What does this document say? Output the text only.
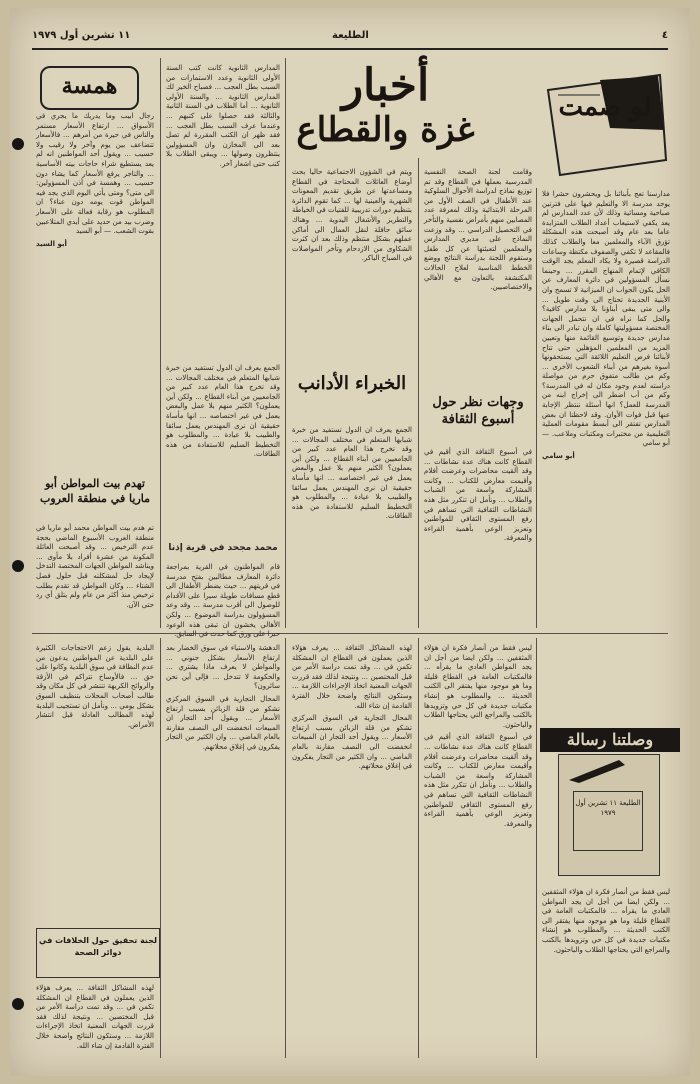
١١ تشرين أول ١٩٧٩	الطليعة	٤
أخبار
غزة والقطاع
لو صمت

مدارسنا تعج بأبنائنا بل ويحشرون حشرا فلا يوجد مدرسة الا والتعليم فيها على فترتين صباحية ومسائية وذلك لأن عدد المدارس لم يعد يكفي لاستيعاب أعداد الطلاب المتزايدة عاما بعد عام وقد أصبحت هذه المشكلة تؤرق الآباء والمعلمين معا والطلاب كذلك فالمقاعد لا تكفي والصفوف مكتظة وساعات الدراسة قصيرة ولا يكاد المعلم يجد الوقت الكافي لإتمام المنهاج المقرر ... وحينما نسأل المسؤولين في دائرة المعارف عن الحل يكون الجواب ان الميزانية لا تسمح وان الأبنية الجديدة تحتاج الى وقت طويل ... والى متى يبقى أبناؤنا بلا مدارس كافية؟ والحل كما نراه في ان تتحمل الجهات المختصة مسؤوليتها كاملة وان تبادر الى بناء مدارس جديدة وتوسيع القائمة منها وتعيين المزيد من المعلمين المؤهلين حتى تتاح لأبنائنا فرص التعليم اللائقة التي يستحقونها أسوة بغيرهم من أبناء الشعوب الأخرى ... وكم من طالب متفوق حرم من مواصلة دراسته لعدم وجود مكان له في المدرسة؟ وكم من أب اضطر الى إخراج ابنه من المدرسة للعمل؟ انها أسئلة ننتظر الإجابة عنها قبل فوات الأوان. وقد لاحظنا ان بعض المدارس تفتقر الى أبسط مقومات العملية التعليمية من مختبرات ومكتبات وملاعب. — أبو سامي

أبو سامي

وقامت لجنة الصحة النفسية المدرسية بعملها في القطاع وقد تم توزيع نماذج لدراسة الأحوال السلوكية عند الأطفال في الصف الأول من المرحلة الابتدائية وذلك لمعرفة عدد المصابين منهم بأمراض نفسية والتأخر في التحصيل الدراسي ... وقد وزعت النماذج على مديري المدارس والمعلمين لتعبئتها عن كل طفل وستقوم اللجنة بدراسة النتائج ووضع الخطط المناسبة لعلاج الحالات المكتشفة بالتعاون مع الأهالي والاختصاصيين.

وجهات نظر حول أسبوع الثقافة

في أسبوع الثقافة الذي أقيم في القطاع كانت هناك عدة نشاطات ... وقد ألقيت محاضرات وعرضت أفلام وأقيمت معارض للكتاب ... وكانت المشاركة واسعة من الشباب والطلاب ... ونأمل ان تتكرر مثل هذه النشاطات الثقافية التي تساهم في رفع المستوى الثقافي للمواطنين وتعزيز الوعي بأهمية القراءة والمعرفة.

ويتم في الشؤون الاجتماعية حاليا بحث أوضاع العائلات المحتاجة في القطاع ومساعدتها عن طريق تقديم المعونات الشهرية والعينية لها ... كما تقوم الدائرة بتنظيم دورات تدريبية للفتيات في الخياطة والتطريز والأشغال اليدوية ... وهناك سائق حافلة لنقل العمال الى أماكن عملهم بشكل منتظم وذلك بعد ان كثرت الشكاوى من الازدحام وتأخر المواصلات في الصباح الباكر.

الخبراء الأدانب

الجمع يعرف ان الدول تستفيد من خبرة شبابها المتعلم في مختلف المجالات ... وقد تخرج هذا العام عدد كبير من الجامعيين من أبناء القطاع ... ولكن أين يعملون؟ الكثير منهم بلا عمل والبعض يعمل في غير اختصاصه ... انها مأساة حقيقية ان نرى المهندس يعمل سائقا والطبيب بلا عيادة ... والمطلوب هو التخطيط السليم للاستفادة من هذه الطاقات.

المدارس الثانوية كانت كتب السنة الأولى الثانوية وعدد الاستمارات من السبب بطل العجب ... فصباح الخير لك المدارس الثانوية ... والسنة الأولى الثانوية ... أما الطلاب في السنة الثانية والثالثة فقد حصلوا على كتبهم ... وعندما عرف السبب بطل العجب ... فقد ظهر ان الكتب المقررة لم تصل بعد الى المخازن وان المسؤولين ينتظرون وصولها ... ويبقى الطلاب بلا كتب حتى اشعار آخر.

الجمع يعرف ان الدول تستفيد من خبرة شبابها المتعلم في مختلف المجالات ... وقد تخرج هذا العام عدد كبير من الجامعيين من أبناء القطاع ... ولكن أين يعملون؟ الكثير منهم بلا عمل والبعض يعمل في غير اختصاصه ... انها مأساة حقيقية ان نرى المهندس يعمل سائقا والطبيب بلا عيادة ... والمطلوب هو التخطيط السليم للاستفادة من هذه الطاقات.

محمد مجحد في قرية إذنا

قام المواطنون في القرية بمراجعة دائرة المعارف مطالبين بفتح مدرسة في قريتهم ... حيث يضطر الأطفال الى قطع مسافات طويلة سيرا على الأقدام للوصول الى أقرب مدرسة ... وقد وعد المسؤولون بدراسة الموضوع ... ولكن الأهالي يخشون ان تبقى هذه الوعود حبرا على ورق كما حدث في السابق.

همسة

رجال ابيب وما يدريك ما يجري في الأسواق ... ارتفاع الأسعار مستمر والناس في حيرة من أمرهم ... فالأسعار تتضاعف بين يوم وآخر ولا رقيب ولا حسيب ... ويقول أحد المواطنين انه لم يعد يستطيع شراء حاجات بيته الأساسية ... والتاجر يرفع الأسعار كما يشاء دون حسيب ... وهمسة في أذن المسؤولين: الى متى؟ ومتى يأتي اليوم الذي يجد فيه المواطن قوت يومه دون عناء؟ ان المطلوب هو رقابة فعالة على الأسعار وضرب بيد من حديد على أيدي المتلاعبين بقوت الشعب. — أبو السيد

أبو السيد

تهدم بيت المواطن أبو ماريا في منطقة العروب

تم هدم بيت المواطن محمد أبو ماريا في منطقة العروب الأسبوع الماضي بحجة عدم الترخيص ... وقد أصبحت العائلة المكونة من عشرة أفراد بلا مأوى ... ويناشد المواطن الجهات المختصة التدخل لإيجاد حل لمشكلته قبل حلول فصل الشتاء ... وكان المواطن قد تقدم بطلب ترخيص منذ أكثر من عام ولم يتلق أي رد حتى الآن.

وصلتنا رسالة
الطليعة ١١ تشرين أول ١٩٧٩

ليس فقط من أنصار فكرة ان هؤلاء المثقفين ... ولكن ايضا من أجل ان يجد المواطن العادي ما يقرأه ... فالمكتبات العامة في القطاع قليلة وما هو موجود منها يفتقر الى الكتب الحديثة ... والمطلوب هو إنشاء مكتبات جديدة في كل حي وتزويدها بالكتب والمراجع التي يحتاجها الطلاب والباحثون.

ليس فقط من أنصار فكرة ان هؤلاء المثقفين ... ولكن ايضا من أجل ان يجد المواطن العادي ما يقرأه ... فالمكتبات العامة في القطاع قليلة وما هو موجود منها يفتقر الى الكتب الحديثة ... والمطلوب هو إنشاء مكتبات جديدة في كل حي وتزويدها بالكتب والمراجع التي يحتاجها الطلاب والباحثون.

في أسبوع الثقافة الذي أقيم في القطاع كانت هناك عدة نشاطات ... وقد ألقيت محاضرات وعرضت أفلام وأقيمت معارض للكتاب ... وكانت المشاركة واسعة من الشباب والطلاب ... ونأمل ان تتكرر مثل هذه النشاطات الثقافية التي تساهم في رفع المستوى الثقافي للمواطنين وتعزيز الوعي بأهمية القراءة والمعرفة.

لهذه المشاكل الثقافة ... يعرف هؤلاء الذين يعملون في القطاع ان المشكلة تكمن في ... وقد تمت دراسة الأمر من قبل المختصين ... ونتيجة لذلك فقد قررت الجهات المعنية اتخاذ الإجراءات اللازمة ... وستكون النتائج واضحة خلال الفترة القادمة إن شاء الله.

المحال التجارية في السوق المركزي تشكو من قلة الزبائن بسبب ارتفاع الأسعار ... ويقول أحد التجار ان المبيعات انخفضت الى النصف مقارنة بالعام الماضي ... وان الكثير من التجار يفكرون في إغلاق محلاتهم.

الدهشة والاستياء في سوق الخضار بعد ارتفاع الأسعار بشكل جنوني ... والمواطن لا يعرف ماذا يشتري ... والحكومة لا تتدخل ... فإلى أين نحن سائرون؟

المحال التجارية في السوق المركزي تشكو من قلة الزبائن بسبب ارتفاع الأسعار ... ويقول أحد التجار ان المبيعات انخفضت الى النصف مقارنة بالعام الماضي ... وان الكثير من التجار يفكرون في إغلاق محلاتهم.

البلدية يقول زعم الاحتجاجات الكثيرة على البلدية عن المواطنين يدعون من عدم النظافة في سوق البلدية وكانوا على حق ... فالأوساخ تتراكم في الأزقة والروائح الكريهة تنتشر في كل مكان وقد طالب أصحاب المحلات بتنظيف السوق بشكل يومي ... ونأمل ان تستجيب البلدية لهذه المطالب العادلة قبل انتشار الأمراض.

لجنة تحقيق حول الخلافات في دوائر الصحة

لهذه المشاكل الثقافة ... يعرف هؤلاء الذين يعملون في القطاع ان المشكلة تكمن في ... وقد تمت دراسة الأمر من قبل المختصين ... ونتيجة لذلك فقد قررت الجهات المعنية اتخاذ الإجراءات اللازمة ... وستكون النتائج واضحة خلال الفترة القادمة إن شاء الله.
